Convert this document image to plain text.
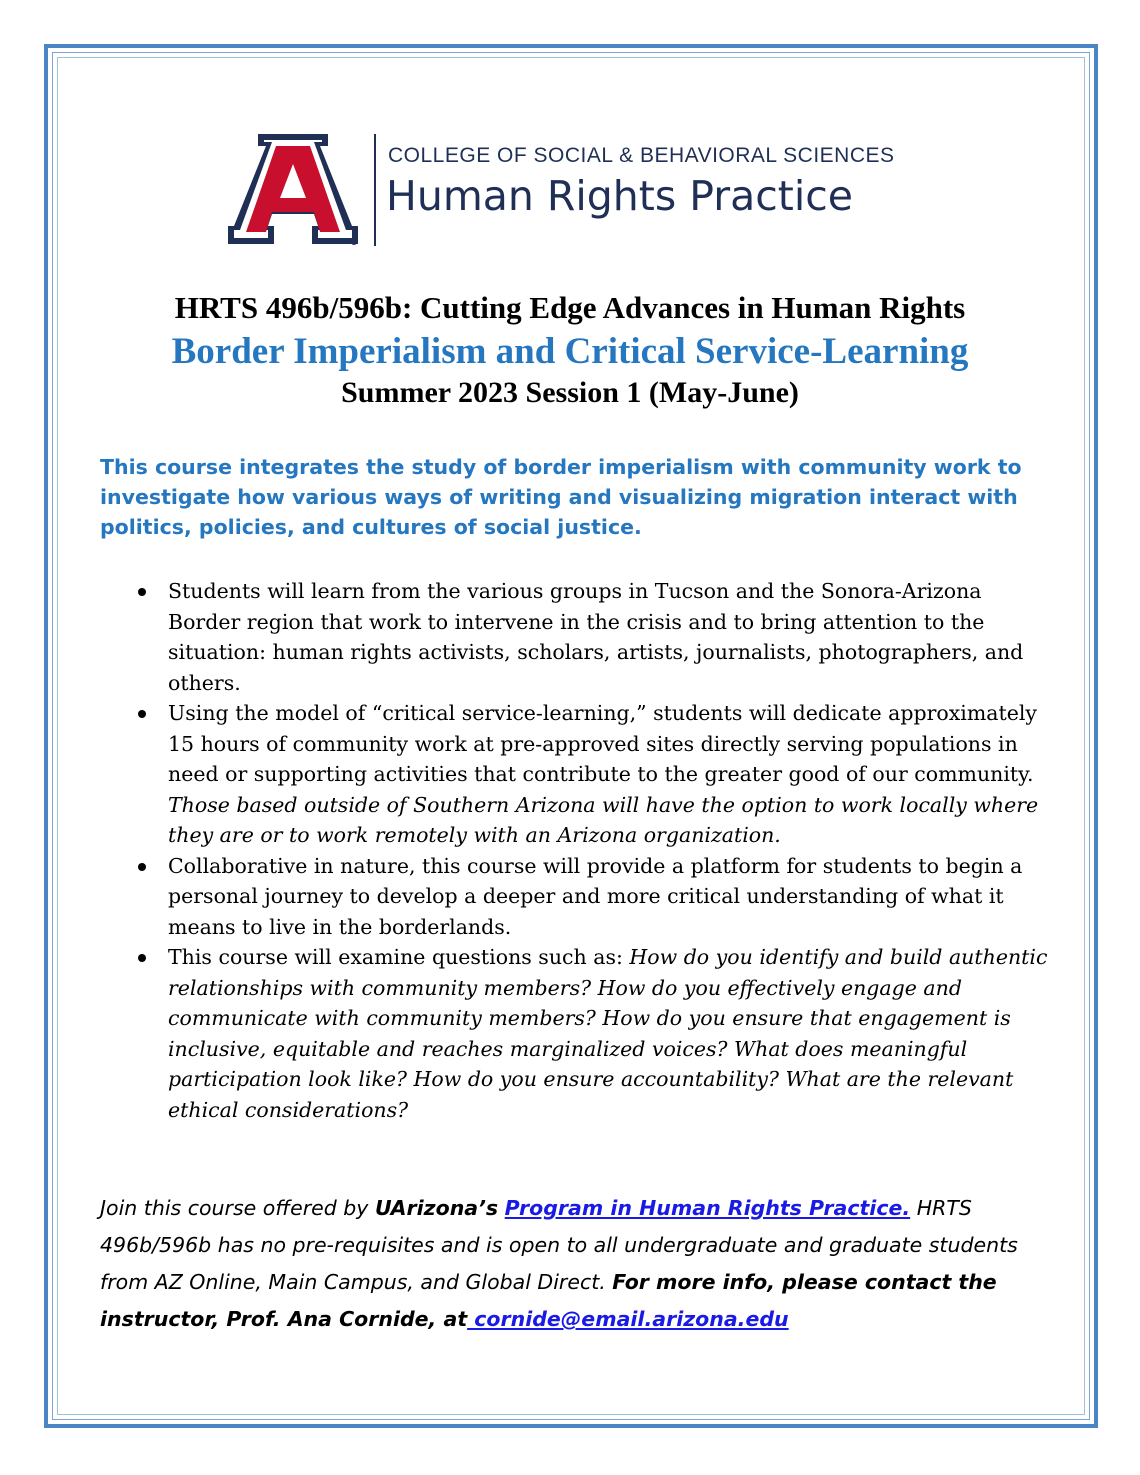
COLLEGE OF SOCIAL & BEHAVIORAL SCIENCES
Human Rights Practice
HRTS 496b/596b: Cutting Edge Advances in Human Rights
Border Imperialism and Critical Service-Learning
Summer 2023 Session 1 (May-June)
This course integrates the study of border imperialism with community work to investigate how various ways of writing and visualizing migration interact with politics, policies, and cultures of social justice.
Students will learn from the various groups in Tucson and the Sonora-Arizona Border region that work to intervene in the crisis and to bring attention to the situation: human rights activists, scholars, artists, journalists, photographers, and others.
Using the model of “critical service-learning,” students will dedicate approximately 15 hours of community work at pre-approved sites directly serving populations in need or supporting activities that contribute to the greater good of our community. Those based outside of Southern Arizona will have the option to work locally where they are or to work remotely with an Arizona organization.
Collaborative in nature, this course will provide a platform for students to begin a personal journey to develop a deeper and more critical understanding of what it means to live in the borderlands.
This course will examine questions such as: How do you identify and build authentic relationships with community members? How do you effectively engage and communicate with community members? How do you ensure that engagement is inclusive, equitable and reaches marginalized voices? What does meaningful participation look like? How do you ensure accountability? What are the relevant ethical considerations?
Join this course offered by UArizona’s Program in Human Rights Practice. HRTS 496b/596b has no pre-requisites and is open to all undergraduate and graduate students from AZ Online, Main Campus, and Global Direct. For more info, please contact the instructor, Prof. Ana Cornide, at cornide@email.arizona.edu
